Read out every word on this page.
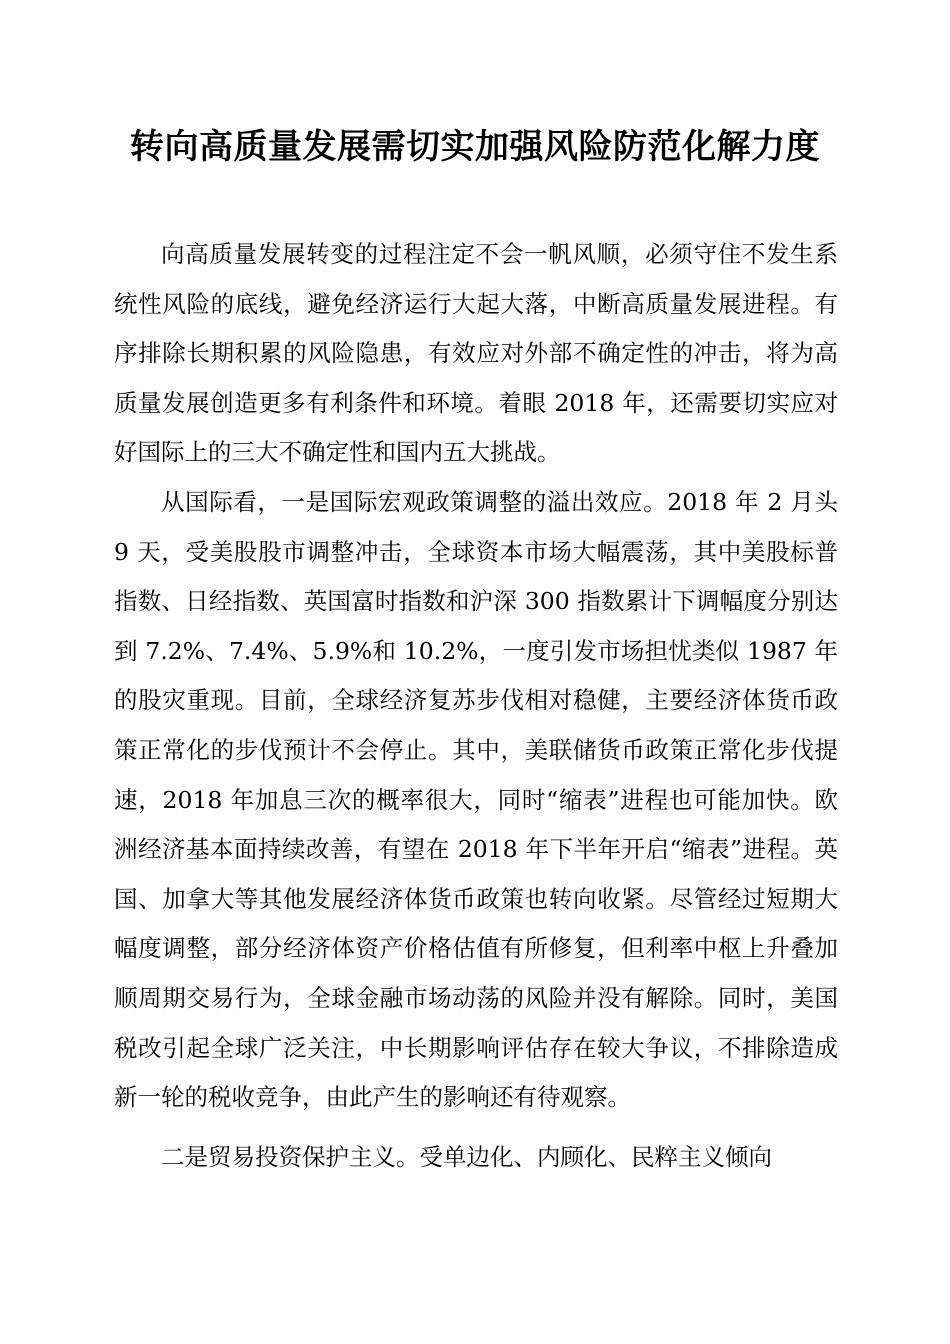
转向高质量发展需切实加强风险防范化解力度

向高质量发展转变的过程注定不会一帆风顺，必须守住不发生系统性风险的底线，避免经济运行大起大落，中断高质量发展进程。有序排除长期积累的风险隐患，有效应对外部不确定性的冲击，将为高质量发展创造更多有利条件和环境。着眼 2018 年，还需要切实应对好国际上的三大不确定性和国内五大挑战。

从国际看，一是国际宏观政策调整的溢出效应。2018 年 2 月头 9 天，受美股股市调整冲击，全球资本市场大幅震荡，其中美股标普指数、日经指数、英国富时指数和沪深 300 指数累计下调幅度分别达到 7.2%、7.4%、5.9%和 10.2%，一度引发市场担忧类似 1987 年的股灾重现。目前，全球经济复苏步伐相对稳健，主要经济体货币政策正常化的步伐预计不会停止。其中，美联储货币政策正常化步伐提速，2018 年加息三次的概率很大，同时“缩表”进程也可能加快。欧洲经济基本面持续改善，有望在 2018 年下半年开启“缩表”进程。英国、加拿大等其他发展经济体货币政策也转向收紧。尽管经过短期大幅度调整，部分经济体资产价格估值有所修复，但利率中枢上升叠加顺周期交易行为，全球金融市场动荡的风险并没有解除。同时，美国税改引起全球广泛关注，中长期影响评估存在较大争议，不排除造成新一轮的税收竞争，由此产生的影响还有待观察。

二是贸易投资保护主义。受单边化、内顾化、民粹主义倾向
